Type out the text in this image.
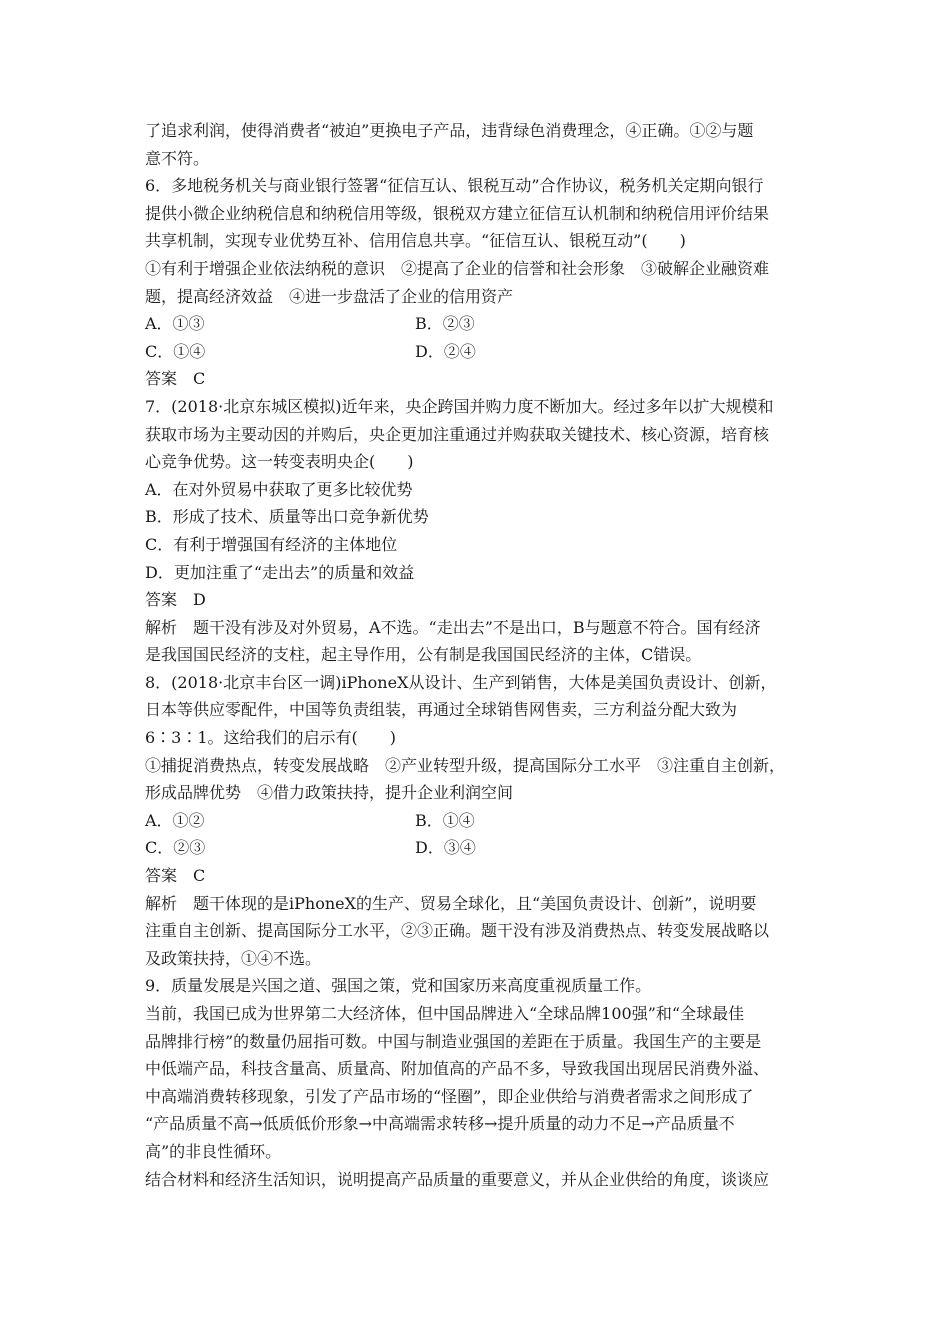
了追求利润，使得消费者“被迫”更换电子产品，违背绿色消费理念，④正确。①②与题
意不符。
6．多地税务机关与商业银行签署“征信互认、银税互动”合作协议，税务机关定期向银行
提供小微企业纳税信息和纳税信用等级，银税双方建立征信互认机制和纳税信用评价结果
共享机制，实现专业优势互补、信用信息共享。“征信互认、银税互动”(　　)
①有利于增强企业依法纳税的意识　②提高了企业的信誉和社会形象　③破解企业融资难
题，提高经济效益　④进一步盘活了企业的信用资产
A．①③	B．②③
C．①④	D．②④
答案　C
7．(2018·北京东城区模拟)近年来，央企跨国并购力度不断加大。经过多年以扩大规模和
获取市场为主要动因的并购后，央企更加注重通过并购获取关键技术、核心资源，培育核
心竞争优势。这一转变表明央企(　　)
A．在对外贸易中获取了更多比较优势
B．形成了技术、质量等出口竞争新优势
C．有利于增强国有经济的主体地位
D．更加注重了“走出去”的质量和效益
答案　D
解析　题干没有涉及对外贸易，A不选。“走出去”不是出口，B与题意不符合。国有经济
是我国国民经济的支柱，起主导作用，公有制是我国国民经济的主体，C错误。
8．(2018·北京丰台区一调)iPhoneX从设计、生产到销售，大体是美国负责设计、创新，
日本等供应零配件，中国等负责组装，再通过全球销售网售卖，三方利益分配大致为
6∶3∶1。这给我们的启示有(　　)
①捕捉消费热点，转变发展战略　②产业转型升级，提高国际分工水平　③注重自主创新，
形成品牌优势　④借力政策扶持，提升企业利润空间
A．①②	B．①④
C．②③	D．③④
答案　C
解析　题干体现的是iPhoneX的生产、贸易全球化，且“美国负责设计、创新”，说明要
注重自主创新、提高国际分工水平，②③正确。题干没有涉及消费热点、转变发展战略以
及政策扶持，①④不选。
9．质量发展是兴国之道、强国之策，党和国家历来高度重视质量工作。
当前，我国已成为世界第二大经济体，但中国品牌进入“全球品牌100强”和“全球最佳
品牌排行榜”的数量仍屈指可数。中国与制造业强国的差距在于质量。我国生产的主要是
中低端产品，科技含量高、质量高、附加值高的产品不多，导致我国出现居民消费外溢、
中高端消费转移现象，引发了产品市场的“怪圈”，即企业供给与消费者需求之间形成了
“产品质量不高→低质低价形象→中高端需求转移→提升质量的动力不足→产品质量不
高”的非良性循环。
结合材料和经济生活知识，说明提高产品质量的重要意义，并从企业供给的角度，谈谈应
